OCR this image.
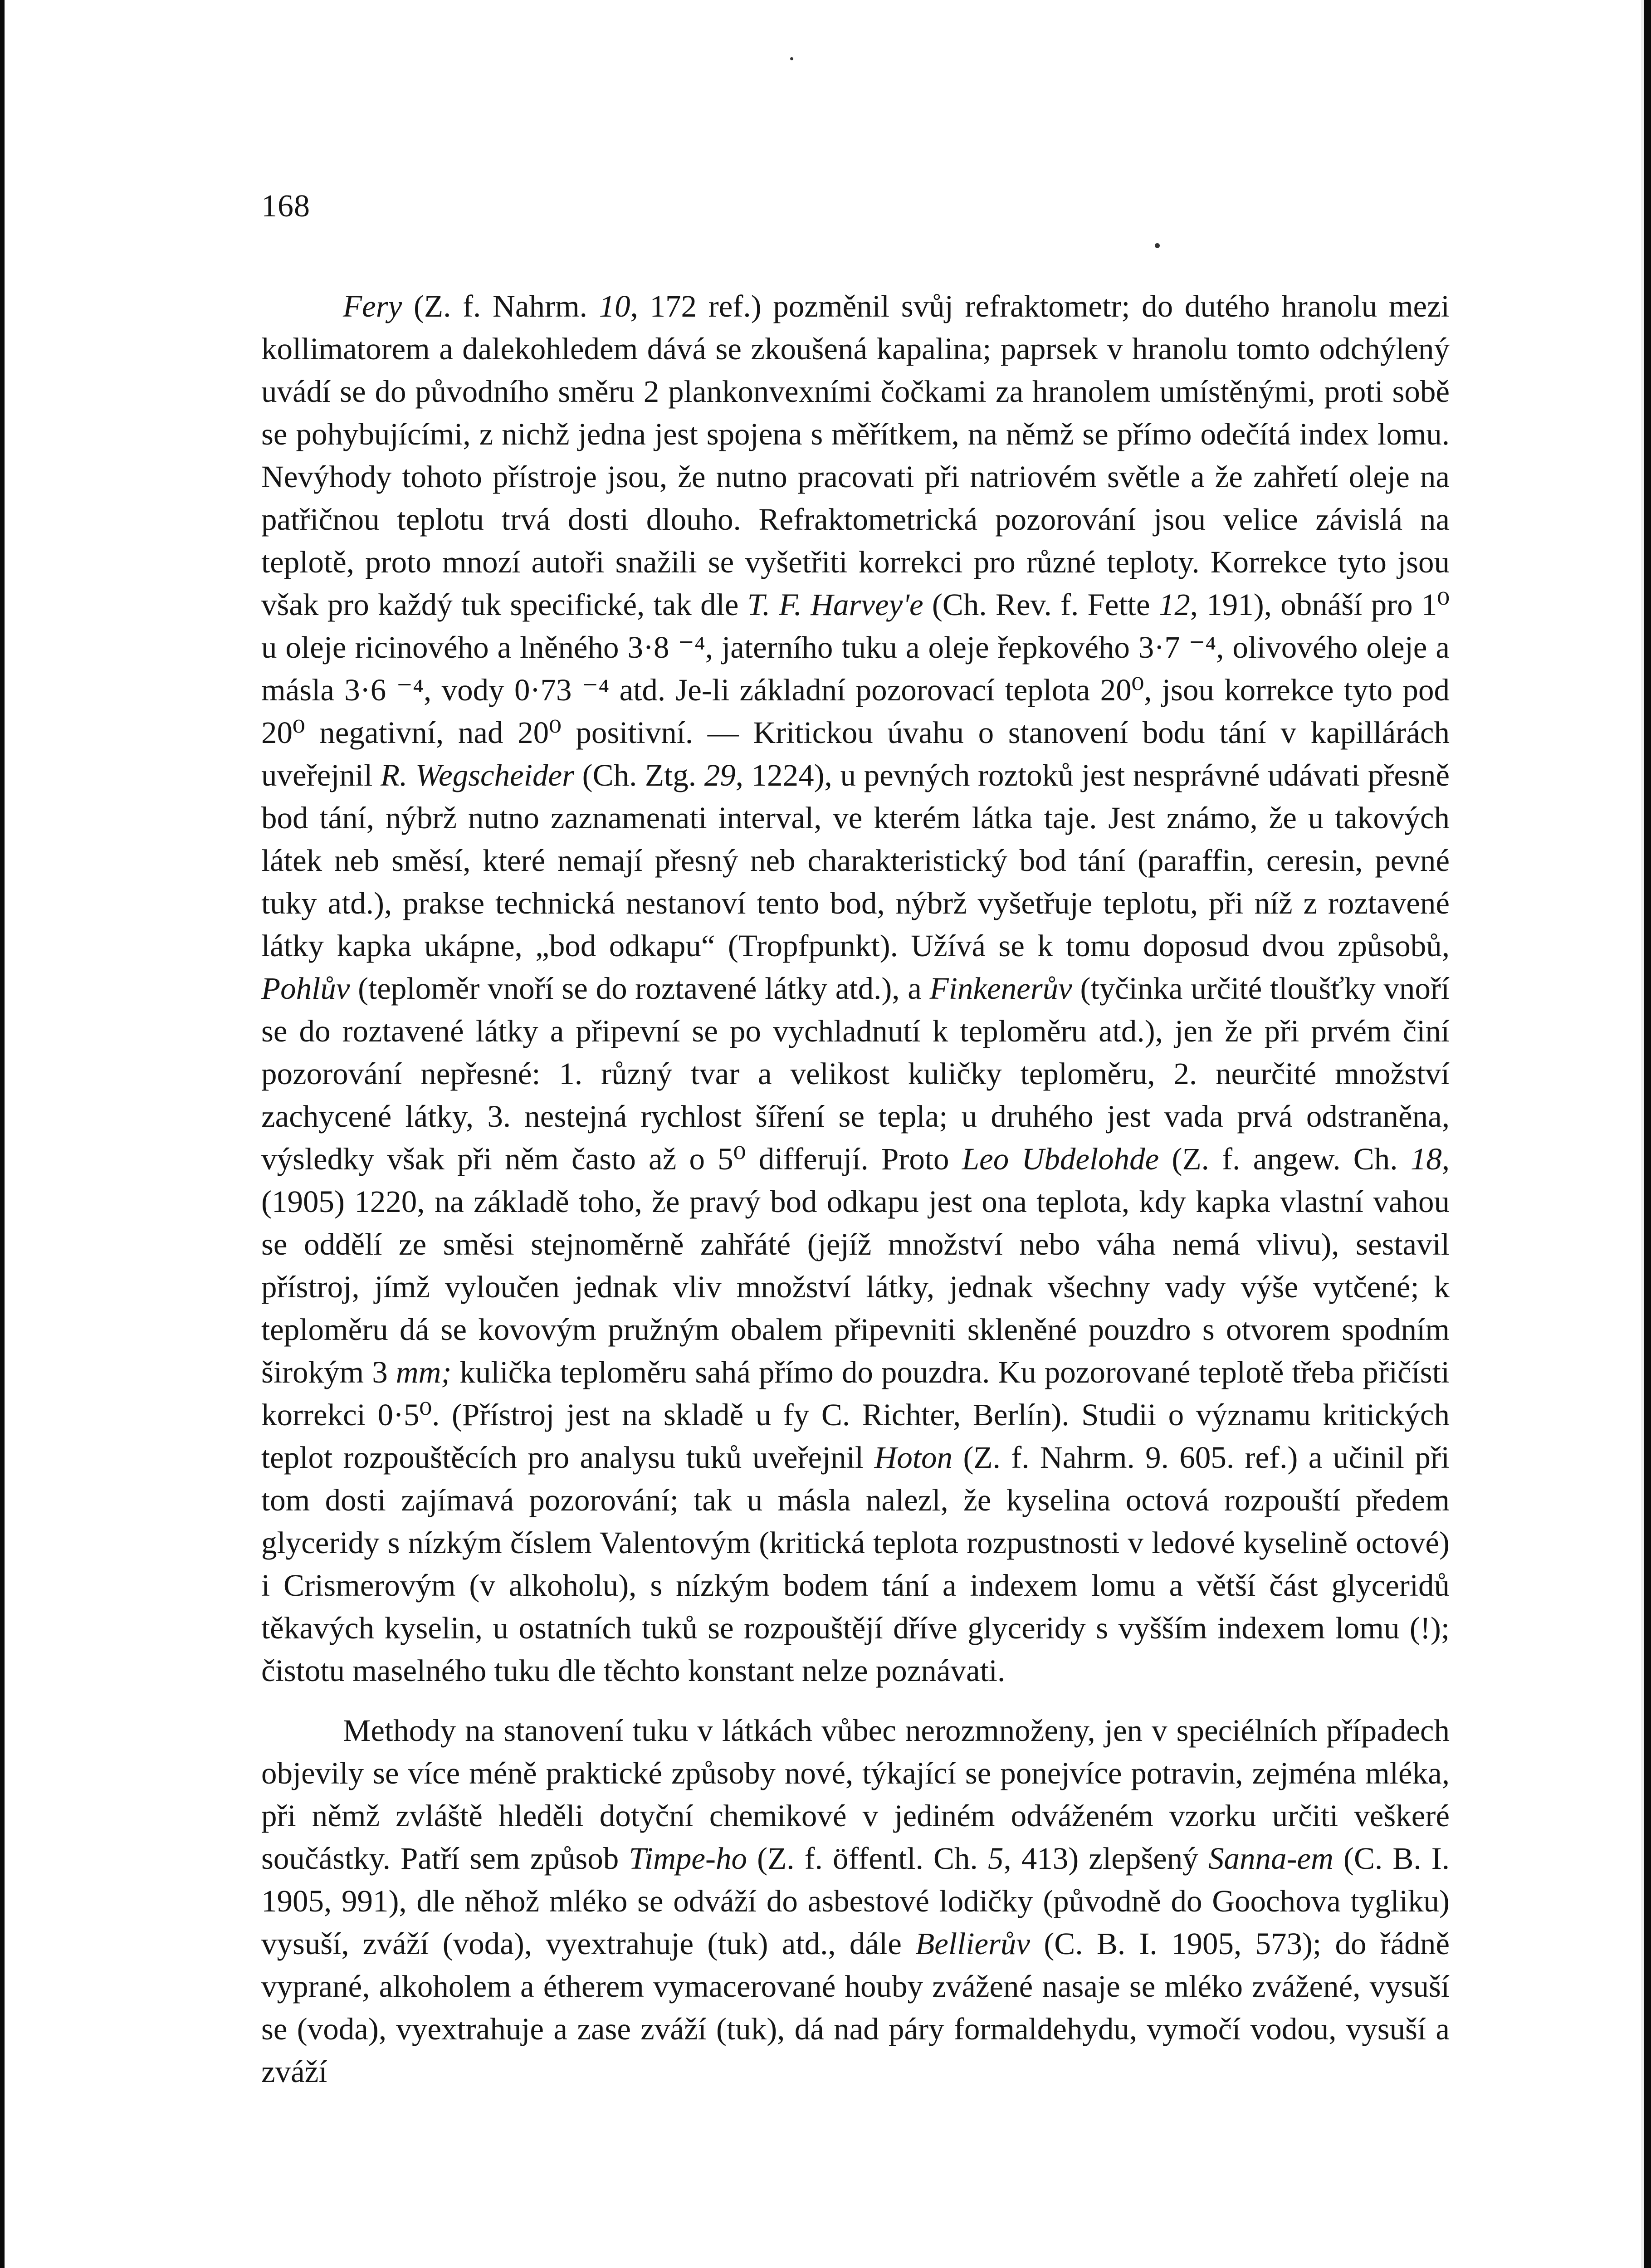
168

Fery (Z. f. Nahrm. 10, 172 ref.) pozměnil svůj refraktometr; do dutého hranolu mezi kollimatorem a dalekohledem dává se zkoušená kapalina; paprsek v hranolu tomto odchýlený uvádí se do původního směru 2 plankonvexními čočkami za hranolem umístěnými, proti sobě se pohybujícími, z nichž jedna jest spojena s měřítkem, na němž se přímo odečítá index lomu. Nevýhody tohoto přístroje jsou, že nutno pracovati při natriovém světle a že zahřetí oleje na patřičnou teplotu trvá dosti dlouho. Refraktometrická pozorování jsou velice závislá na teplotě, proto mnozí autoři snažili se vyšetřiti korrekci pro různé teploty. Korrekce tyto jsou však pro každý tuk specifické, tak dle T. F. Harvey'e (Ch. Rev. f. Fette 12, 191), obnáší pro 1⁰ u oleje ricinového a lněného 3·8 ⁻⁴, jaterního tuku a oleje řepkového 3·7 ⁻⁴, olivového oleje a másla 3·6 ⁻⁴, vody 0·73 ⁻⁴ atd. Je-li základní pozorovací teplota 20⁰, jsou korrekce tyto pod 20⁰ negativní, nad 20⁰ positivní. — Kritickou úvahu o stanovení bodu tání v kapillárách uveřejnil R. Wegscheider (Ch. Ztg. 29, 1224), u pevných roztoků jest nesprávné udávati přesně bod tání, nýbrž nutno zaznamenati interval, ve kterém látka taje. Jest známo, že u takových látek neb směsí, které nemají přesný neb charakteristický bod tání (paraffin, ceresin, pevné tuky atd.), prakse technická nestanoví tento bod, nýbrž vyšetřuje teplotu, při níž z roztavené látky kapka ukápne, „bod odkapu“ (Tropfpunkt). Užívá se k tomu doposud dvou způsobů, Pohlův (teploměr vnoří se do roztavené látky atd.), a Finkenerův (tyčinka určité tloušťky vnoří se do roztavené látky a připevní se po vychladnutí k teploměru atd.), jen že při prvém činí pozorování nepřesné: 1. různý tvar a velikost kuličky teploměru, 2. neurčité množství zachycené látky, 3. nestejná rychlost šíření se tepla; u druhého jest vada prvá odstraněna, výsledky však při něm často až o 5⁰ differují. Proto Leo Ubdelohde (Z. f. angew. Ch. 18, (1905) 1220, na základě toho, že pravý bod odkapu jest ona teplota, kdy kapka vlastní vahou se oddělí ze směsi stejnoměrně zahřáté (jejíž množství nebo váha nemá vlivu), sestavil přístroj, jímž vyloučen jednak vliv množství látky, jednak všechny vady výše vytčené; k teploměru dá se kovovým pružným obalem připevniti skleněné pouzdro s otvorem spodním širokým 3 mm; kulička teploměru sahá přímo do pouzdra. Ku pozorované teplotě třeba přičísti korrekci 0·5⁰. (Přístroj jest na skladě u fy C. Richter, Berlín). Studii o významu kritických teplot rozpouštěcích pro analysu tuků uveřejnil Hoton (Z. f. Nahrm. 9. 605. ref.) a učinil při tom dosti zajímavá pozorování; tak u másla nalezl, že kyselina octová rozpouští předem glyceridy s nízkým číslem Valentovým (kritická teplota rozpustnosti v ledové kyselině octové) i Crismerovým (v alkoholu), s nízkým bodem tání a indexem lomu a větší část glyceridů těkavých kyselin, u ostatních tuků se rozpouštějí dříve glyceridy s vyšším indexem lomu (!); čistotu maselného tuku dle těchto konstant nelze poznávati.

Methody na stanovení tuku v látkách vůbec nerozmnoženy, jen v speciélních případech objevily se více méně praktické způsoby nové, týkající se ponejvíce potravin, zejména mléka, při němž zvláště hleděli dotyční chemikové v jediném odváženém vzorku určiti veškeré součástky. Patří sem způsob Timpe-ho (Z. f. öffentl. Ch. 5, 413) zlepšený Sanna-em (C. B. I. 1905, 991), dle něhož mléko se odváží do asbestové lodičky (původně do Goochova tygliku) vysuší, zváží (voda), vyextrahuje (tuk) atd., dále Bellierův (C. B. I. 1905, 573); do řádně vyprané, alkoholem a étherem vymacerované houby zvážené nasaje se mléko zvážené, vysuší se (voda), vyextrahuje a zase zváží (tuk), dá nad páry formaldehydu, vymočí vodou, vysuší a zváží
